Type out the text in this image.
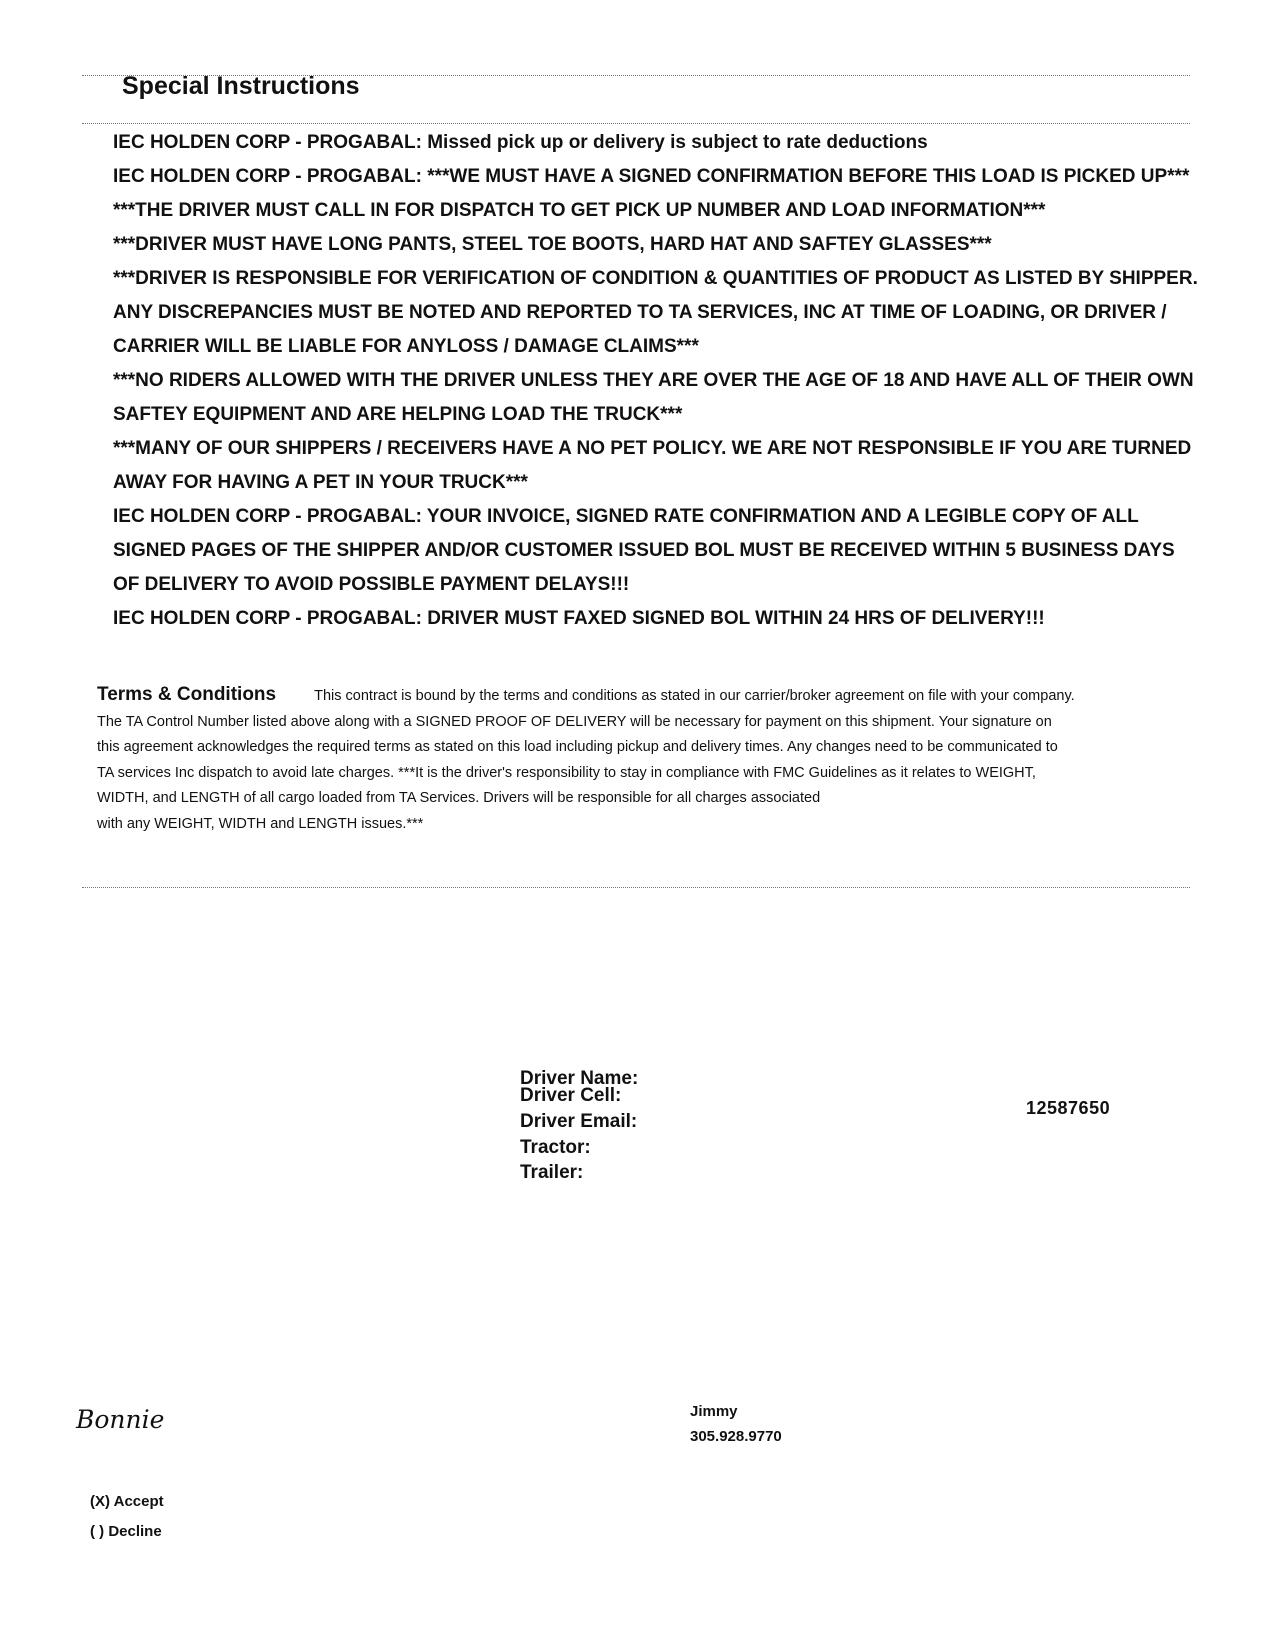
Special Instructions

IEC HOLDEN CORP - PROGABAL: Missed pick up or delivery is subject to rate deductions

IEC HOLDEN CORP - PROGABAL: ***WE MUST HAVE A SIGNED CONFIRMATION BEFORE THIS LOAD IS PICKED UP***

***THE DRIVER MUST CALL IN FOR DISPATCH TO GET PICK UP NUMBER AND LOAD INFORMATION***

***DRIVER MUST HAVE LONG PANTS, STEEL TOE BOOTS, HARD HAT AND SAFTEY GLASSES***

***DRIVER IS RESPONSIBLE FOR VERIFICATION OF CONDITION & QUANTITIES OF PRODUCT AS LISTED BY SHIPPER. ANY DISCREPANCIES MUST BE NOTED AND REPORTED TO TA SERVICES, INC AT TIME OF LOADING, OR DRIVER / CARRIER WILL BE LIABLE FOR ANYLOSS / DAMAGE CLAIMS***

***NO RIDERS ALLOWED WITH THE DRIVER UNLESS THEY ARE OVER THE AGE OF 18 AND HAVE ALL OF THEIR OWN SAFTEY EQUIPMENT AND ARE HELPING LOAD THE TRUCK***

***MANY OF OUR SHIPPERS / RECEIVERS HAVE A NO PET POLICY. WE ARE NOT RESPONSIBLE IF YOU ARE TURNED AWAY FOR HAVING A PET IN YOUR TRUCK***

IEC HOLDEN CORP - PROGABAL: YOUR INVOICE, SIGNED RATE CONFIRMATION AND A LEGIBLE COPY OF ALL SIGNED PAGES OF THE SHIPPER AND/OR CUSTOMER ISSUED BOL MUST BE RECEIVED WITHIN 5 BUSINESS DAYS OF DELIVERY TO AVOID POSSIBLE PAYMENT DELAYS!!!

IEC HOLDEN CORP - PROGABAL: DRIVER MUST FAXED SIGNED BOL WITHIN 24 HRS OF DELIVERY!!!

Terms & Conditions	This contract is bound by the terms and conditions as stated in our carrier/broker agreement on file with your company. The TA Control Number listed above along with a SIGNED PROOF OF DELIVERY will be necessary for payment on this shipment. Your signature on this agreement acknowledges the required terms as stated on this load including pickup and delivery times. Any changes need to be communicated to TA services Inc dispatch to avoid late charges. ***It is the driver's responsibility to stay in compliance with FMC Guidelines as it relates to WEIGHT, WIDTH, and LENGTH of all cargo loaded from TA Services. Drivers will be responsible for all charges associated
with any WEIGHT, WIDTH and LENGTH issues.***
Driver Name:
Driver Cell:
Driver Email:
Tractor:
Trailer:
12587650
Bonnie	Jimmy
305.928.9770
(X) Accept
( ) Decline
